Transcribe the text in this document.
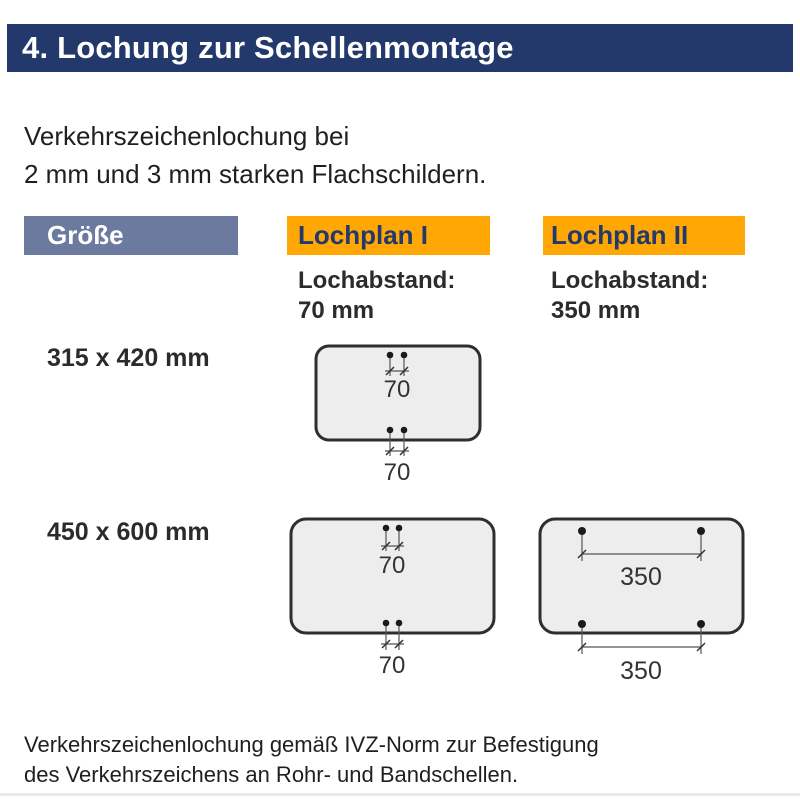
4. Lochung zur Schellenmontage
Verkehrszeichenlochung bei
2 mm und 3 mm starken Flachschildern.
Größe	Lochplan I	Lochplan II
Lochabstand:
70 mm
Lochabstand:
350 mm
315 x 420 mm
450 x 600 mm
70
70
70
70
350
350
Verkehrszeichenlochung gemäß IVZ-Norm zur Befestigung
des Verkehrszeichens an Rohr- und Bandschellen.
